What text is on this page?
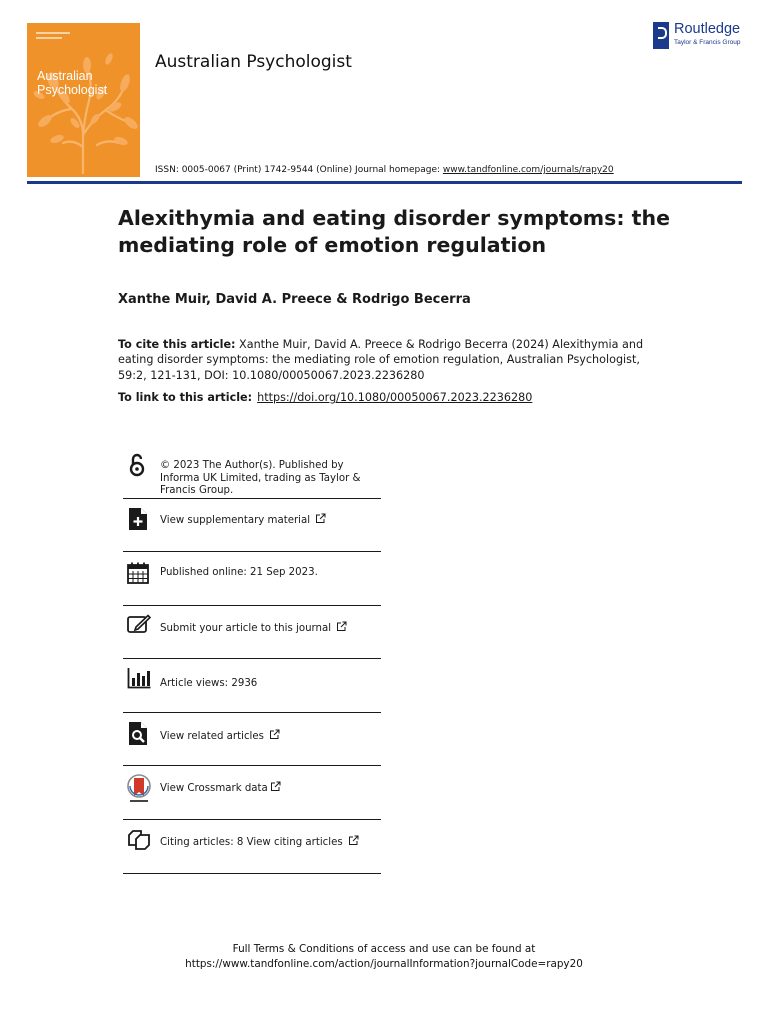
Australian
Psychologist
Australian Psychologist
Routledge
Taylor & Francis Group
ISSN: 0005-0067 (Print) 1742-9544 (Online) Journal homepage: www.tandfonline.com/journals/rapy20
Alexithymia and eating disorder symptoms: the mediating role of emotion regulation
Xanthe Muir, David A. Preece & Rodrigo Becerra
To cite this article: Xanthe Muir, David A. Preece & Rodrigo Becerra (2024) Alexithymia and eating disorder symptoms: the mediating role of emotion regulation, Australian Psychologist, 59:2, 121-131, DOI: 10.1080/00050067.2023.2236280
To link to this article: https://doi.org/10.1080/00050067.2023.2236280
© 2023 The Author(s). Published by Informa UK Limited, trading as Taylor & Francis Group.
View supplementary material
Published online: 21 Sep 2023.
Submit your article to this journal
Article views: 2936
View related articles
View Crossmark data
Citing articles: 8 View citing articles
Full Terms & Conditions of access and use can be found at
https://www.tandfonline.com/action/journalInformation?journalCode=rapy20
